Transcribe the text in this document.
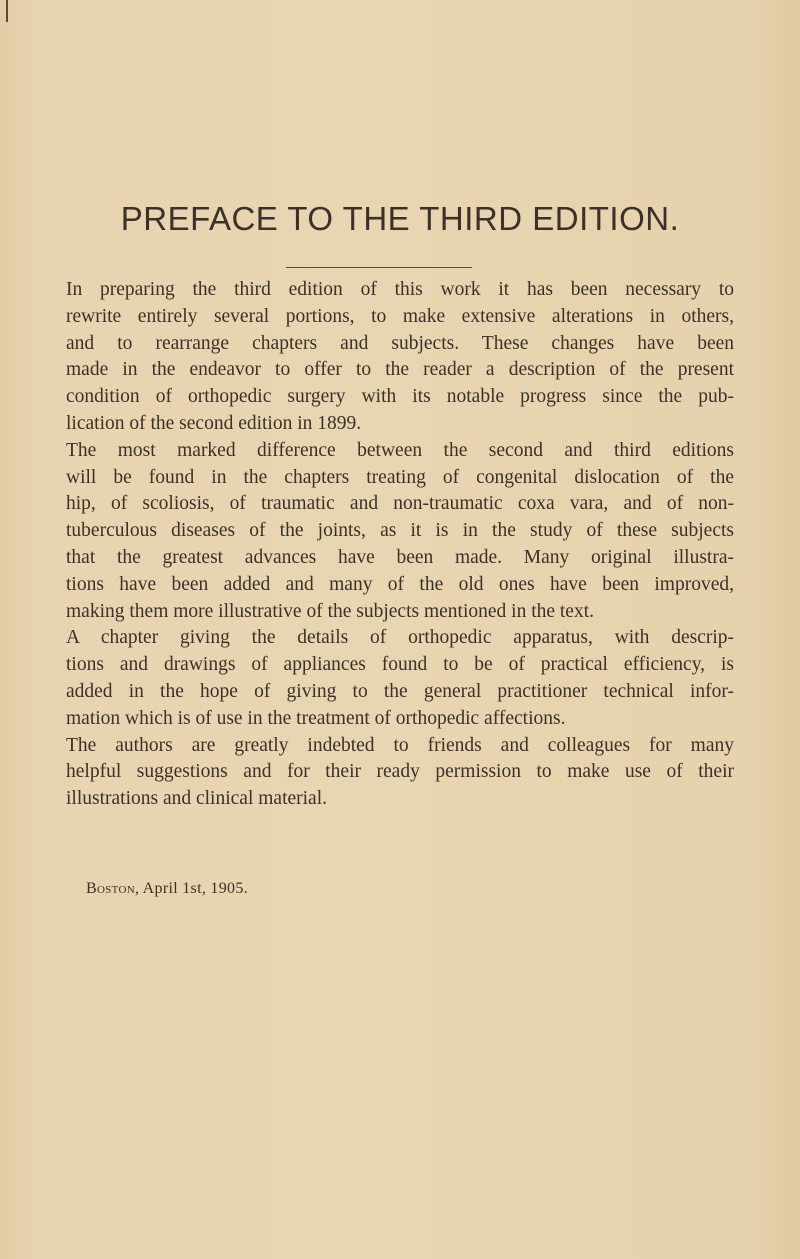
PREFACE TO THE THIRD EDITION.
In preparing the third edition of this work it has been necessary to
rewrite entirely several portions, to make extensive alterations in others,
and to rearrange chapters and subjects. These changes have been
made in the endeavor to offer to the reader a description of the present
condition of orthopedic surgery with its notable progress since the pub-
lication of the second edition in 1899.
The most marked difference between the second and third editions
will be found in the chapters treating of congenital dislocation of the
hip, of scoliosis, of traumatic and non-traumatic coxa vara, and of non-
tuberculous diseases of the joints, as it is in the study of these subjects
that the greatest advances have been made. Many original illustra-
tions have been added and many of the old ones have been improved,
making them more illustrative of the subjects mentioned in the text.
A chapter giving the details of orthopedic apparatus, with descrip-
tions and drawings of appliances found to be of practical efficiency, is
added in the hope of giving to the general practitioner technical infor-
mation which is of use in the treatment of orthopedic affections.
The authors are greatly indebted to friends and colleagues for many
helpful suggestions and for their ready permission to make use of their
illustrations and clinical material.
Boston, April 1st, 1905.
